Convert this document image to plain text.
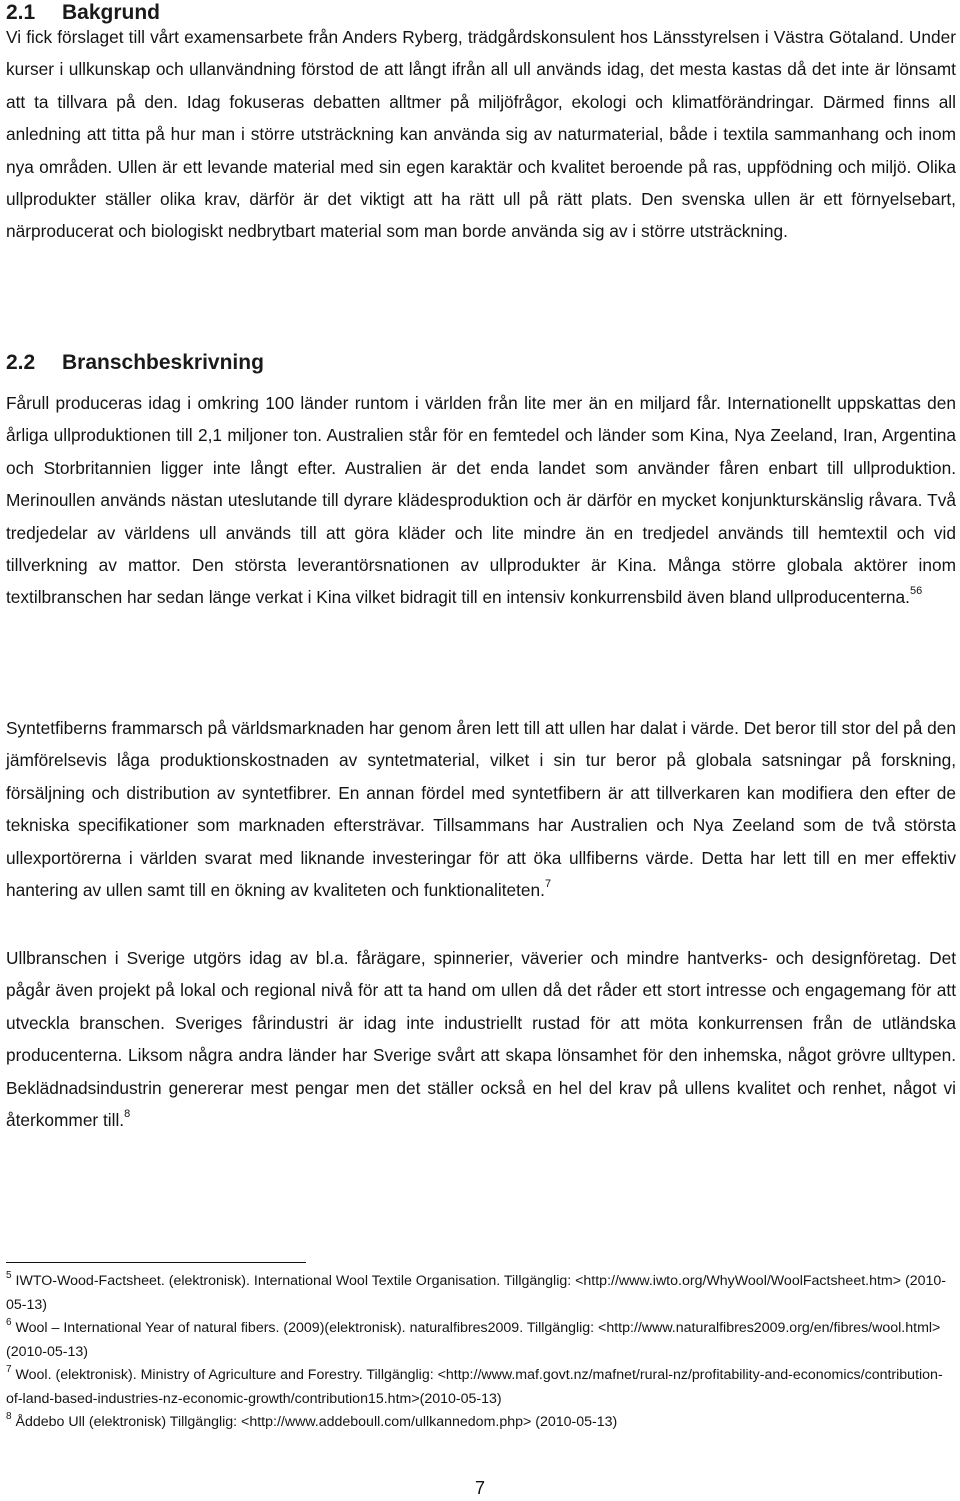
2.1 Bakgrund

Vi fick förslaget till vårt examensarbete från Anders Ryberg, trädgårdskonsulent hos Länsstyrelsen i Västra Götaland. Under kurser i ullkunskap och ullanvändning förstod de att långt ifrån all ull används idag, det mesta kastas då det inte är lönsamt att ta tillvara på den. Idag fokuseras debatten alltmer på miljöfrågor, ekologi och klimatförändringar. Därmed finns all anledning att titta på hur man i större utsträckning kan använda sig av naturmaterial, både i textila sammanhang och inom nya områden. Ullen är ett levande material med sin egen karaktär och kvalitet beroende på ras, uppfödning och miljö. Olika ullprodukter ställer olika krav, därför är det viktigt att ha rätt ull på rätt plats. Den svenska ullen är ett förnyelsebart, närproducerat och biologiskt nedbrytbart material som man borde använda sig av i större utsträckning.

2.2 Branschbeskrivning

Fårull produceras idag i omkring 100 länder runtom i världen från lite mer än en miljard får. Internationellt uppskattas den årliga ullproduktionen till 2,1 miljoner ton. Australien står för en femtedel och länder som Kina, Nya Zeeland, Iran, Argentina och Storbritannien ligger inte långt efter. Australien är det enda landet som använder fåren enbart till ullproduktion. Merinoullen används nästan uteslutande till dyrare klädesproduktion och är därför en mycket konjunkturskänslig råvara. Två tredjedelar av världens ull används till att göra kläder och lite mindre än en tredjedel används till hemtextil och vid tillverkning av mattor. Den största leverantörsnationen av ullprodukter är Kina. Många större globala aktörer inom textilbranschen har sedan länge verkat i Kina vilket bidragit till en intensiv konkurrensbild även bland ullproducenterna.$^{56}$

Syntetfiberns frammarsch på världsmarknaden har genom åren lett till att ullen har dalat i värde. Det beror till stor del på den jämförelsevis låga produktionskostnaden av syntetmaterial, vilket i sin tur beror på globala satsningar på forskning, försäljning och distribution av syntetfibrer. En annan fördel med syntetfibern är att tillverkaren kan modifiera den efter de tekniska specifikationer som marknaden eftersträvar. Tillsammans har Australien och Nya Zeeland som de två största ullexportörerna i världen svarat med liknande investeringar för att öka ullfiberns värde. Detta har lett till en mer effektiv hantering av ullen samt till en ökning av kvaliteten och funktionaliteten.$^7$

Ullbranschen i Sverige utgörs idag av bl.a. fårägare, spinnerier, väverier och mindre hantverks- och designföretag. Det pågår även projekt på lokal och regional nivå för att ta hand om ullen då det råder ett stort intresse och engagemang för att utveckla branschen. Sveriges fårindustri är idag inte industriellt rustad för att möta konkurrensen från de utländska producenterna. Liksom några andra länder har Sverige svårt att skapa lönsamhet för den inhemska, något grövre ulltypen. Beklädnadsindustrin genererar mest pengar men det ställer också en hel del krav på ullens kvalitet och renhet, något vi återkommer till.$^8$

$^5$ IWTO-Wood-Factsheet. (elektronisk). International Wool Textile Organisation. Tillgänglig: <http://www.iwto.org/WhyWool/WoolFactsheet.htm> (2010-05-13)
$^6$ Wool – International Year of natural fibers. (2009)(elektronisk). naturalfibres2009. Tillgänglig: <http://www.naturalfibres2009.org/en/fibres/wool.html> (2010-05-13)
$^7$ Wool. (elektronisk). Ministry of Agriculture and Forestry. Tillgänglig: <http://www.maf.govt.nz/mafnet/rural-nz/profitability-and-economics/contribution-of-land-based-industries-nz-economic-growth/contribution15.htm>(2010-05-13)
$^8$ Åddebo Ull (elektronisk) Tillgänglig: <http://www.addeboull.com/ullkannedom.php> (2010-05-13)
7
